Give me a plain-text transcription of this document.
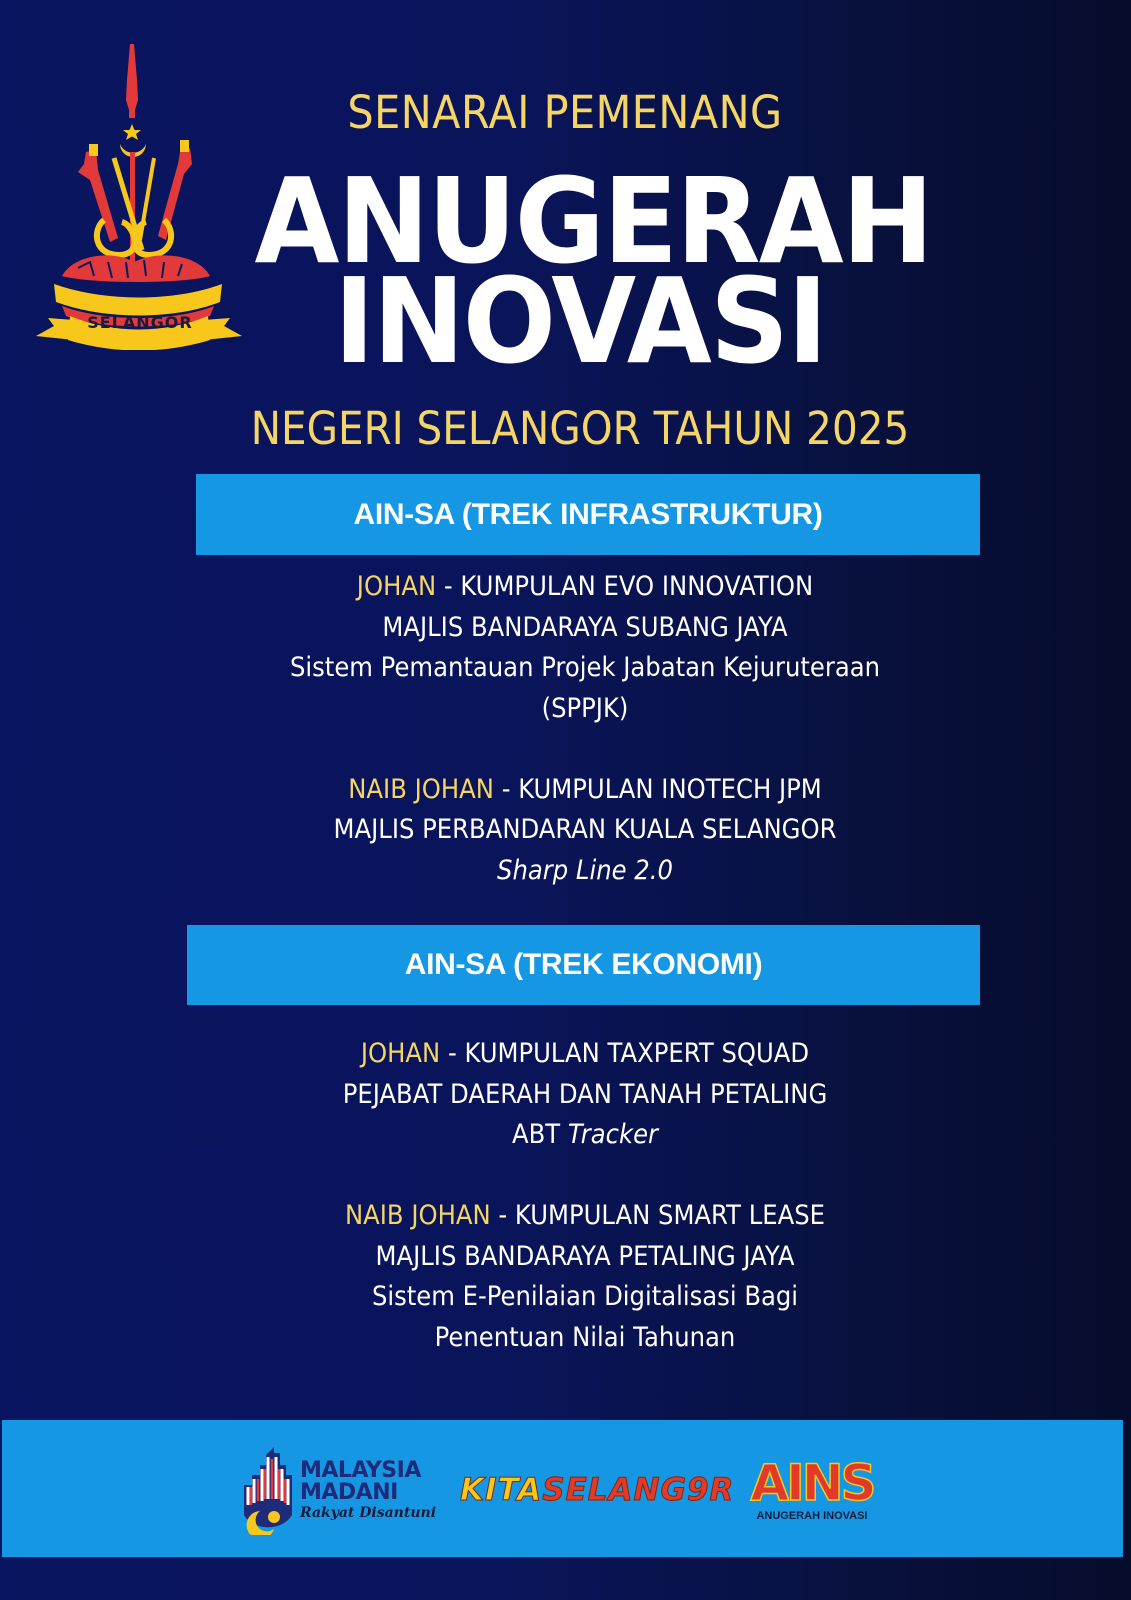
SELANGOR
SENARAI PEMENANG
ANUGERAH
INOVASI
NEGERI SELANGOR TAHUN 2025
AIN-SA (TREK INFRASTRUKTUR)
JOHAN - KUMPULAN EVO INNOVATION
MAJLIS BANDARAYA SUBANG JAYA
Sistem Pemantauan Projek Jabatan Kejuruteraan
(SPPJK)
NAIB JOHAN - KUMPULAN INOTECH JPM
MAJLIS PERBANDARAN KUALA SELANGOR
Sharp Line 2.0
AIN-SA (TREK EKONOMI)
JOHAN - KUMPULAN TAXPERT SQUAD
PEJABAT DAERAH DAN TANAH PETALING
ABT Tracker
NAIB JOHAN - KUMPULAN SMART LEASE
MAJLIS BANDARAYA PETALING JAYA
Sistem E-Penilaian Digitalisasi Bagi
Penentuan Nilai Tahunan
MALAYSIA
MADANI
Rakyat Disantuni
KITASELANG9R AINS
ANUGERAH INOVASI
